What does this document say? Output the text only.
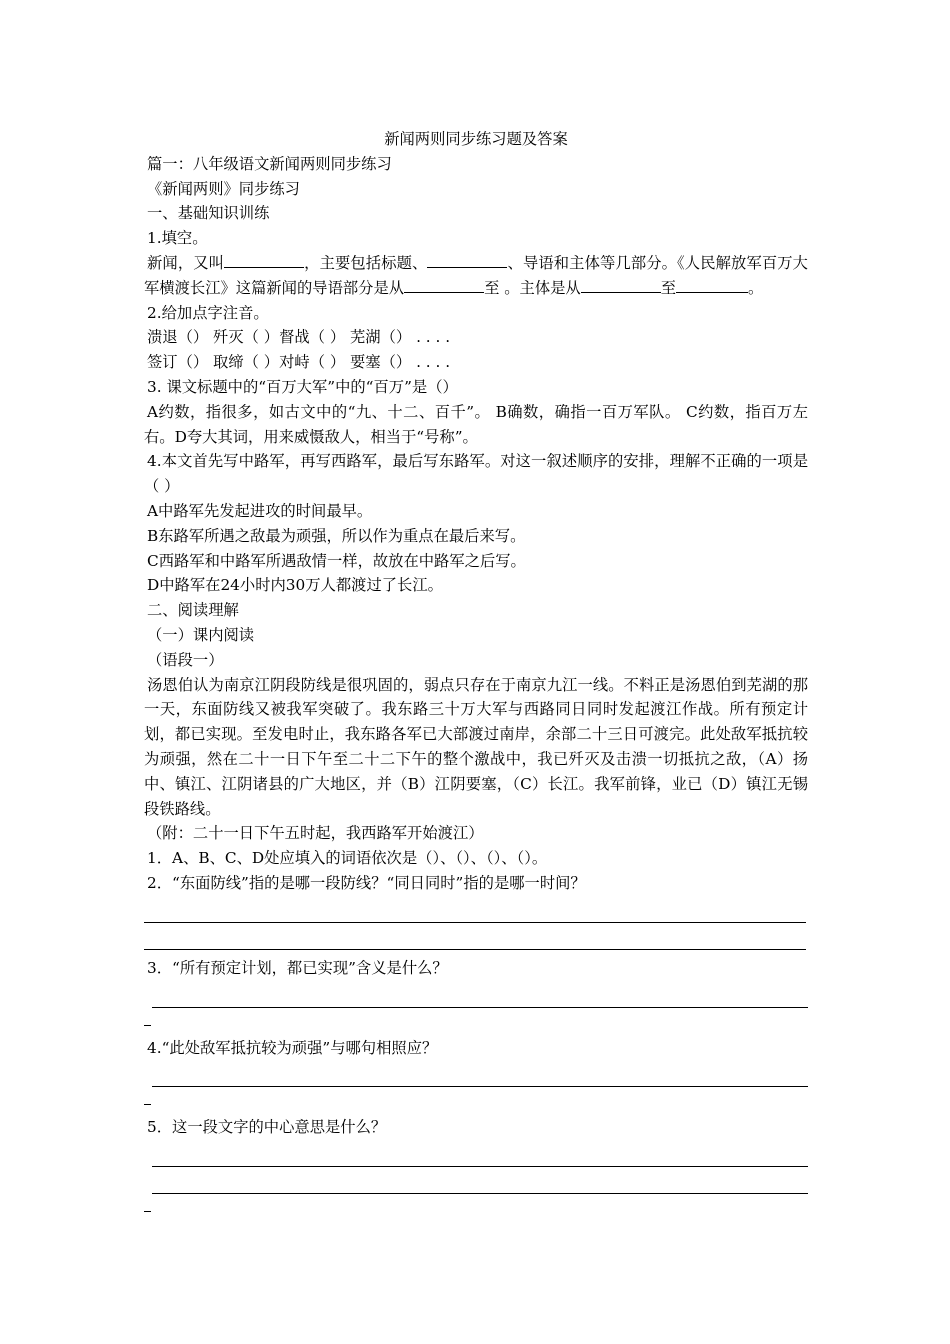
新闻两则同步练习题及答案
篇一：八年级语文新闻两则同步练习
《新闻两则》同步练习
一、基础知识训练
1.填空。
新闻，又叫	，主要包括标题、	、导语和主体等几部分。《人民解放军百万大军横渡长江》这篇新闻的导语部分是从	至 。主体是从	至	。
2.给加点字注音。
溃退（） 歼灭（ ）督战（ ） 芜湖（） . . . .
签订（） 取缔（ ）对峙（ ） 要塞（） . . . .
3. 课文标题中的“百万大军”中的“百万”是（）
A约数，指很多，如古文中的“九、十二、百千”。 B确数，确指一百万军队。 C约数，指百万左右。D夸大其词，用来威慑敌人，相当于“号称”。
4.本文首先写中路军，再写西路军，最后写东路军。对这一叙述顺序的安排，理解不正确的一项是（ ）
A中路军先发起进攻的时间最早。
B东路军所遇之敌最为顽强，所以作为重点在最后来写。
C西路军和中路军所遇敌情一样，故放在中路军之后写。
D中路军在24小时内30万人都渡过了长江。
二、阅读理解
（一）课内阅读
（语段一）
汤恩伯认为南京江阴段防线是很巩固的，弱点只存在于南京九江一线。不料正是汤恩伯到芜湖的那一天，东面防线又被我军突破了。我东路三十万大军与西路同日同时发起渡江作战。所有预定计划，都已实现。至发电时止，我东路各军已大部渡过南岸，余部二十三日可渡完。此处敌军抵抗较为顽强，然在二十一日下午至二十二下午的整个激战中，我已歼灭及击溃一切抵抗之敌，（A）扬中、镇江、江阴诸县的广大地区，并（B）江阴要塞，（C）长江。我军前锋，业已（D）镇江无锡段铁路线。
（附：二十一日下午五时起，我西路军开始渡江）
1．A、B、C、D处应填入的词语依次是（）、（）、（）、（）。
2．“东面防线”指的是哪一段防线？“同日同时”指的是哪一时间？
3．“所有预定计划，都已实现”含义是什么？
4.“此处敌军抵抗较为顽强”与哪句相照应？
5．这一段文字的中心意思是什么？
